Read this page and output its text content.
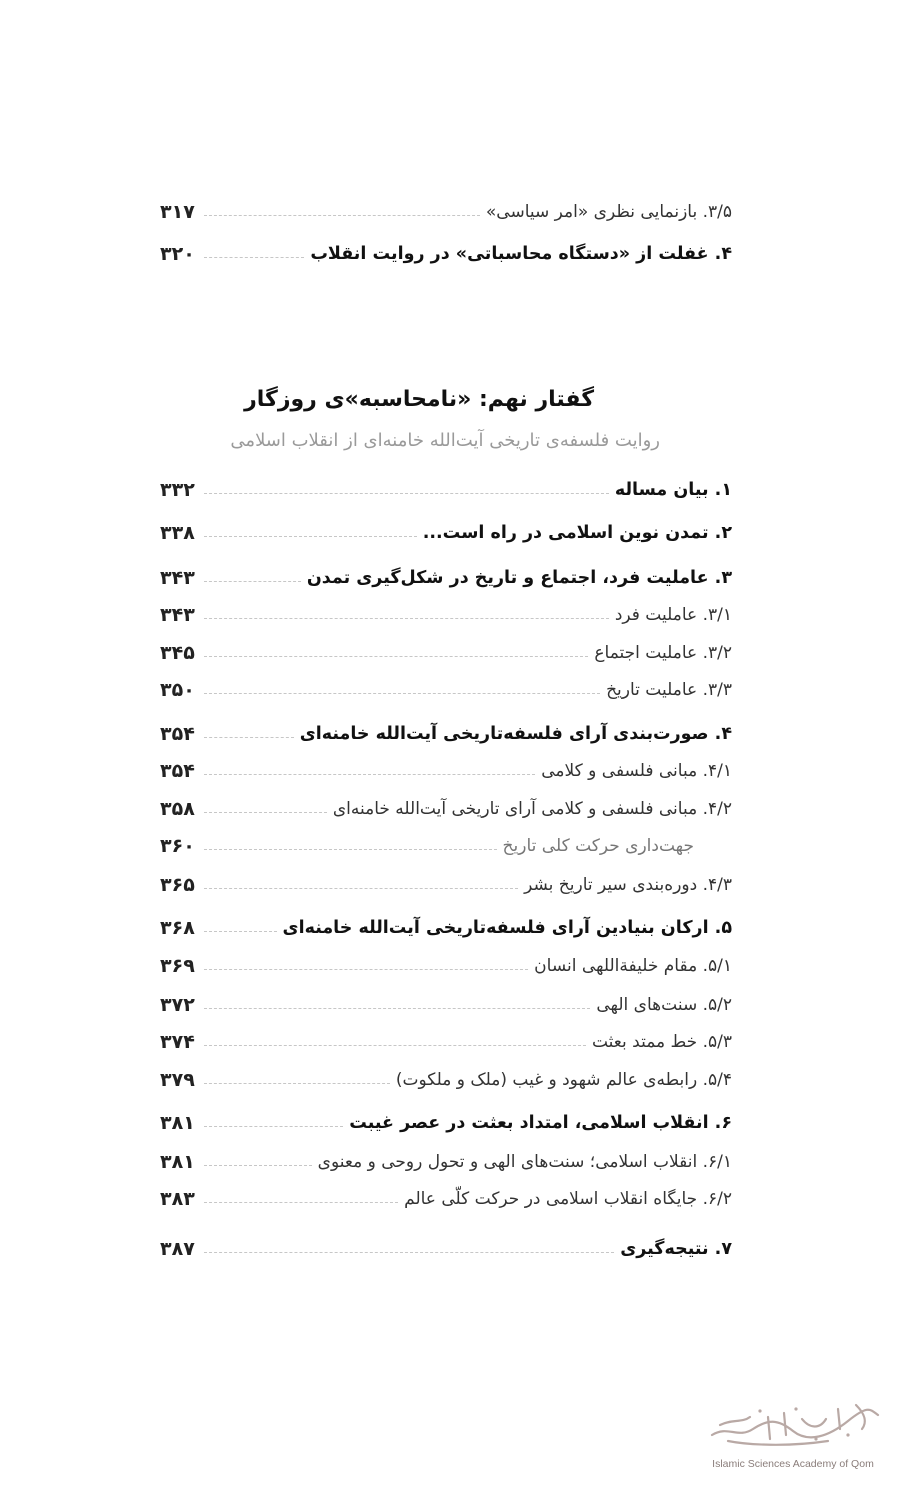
۳/۵. بازنمایی نظری «امر سیاسی»
۳۱۷
۴. غفلت از «دستگاه محاسباتی» در روایت انقلاب
۳۲۰
گفتار نهم: «نامحاسبه»ی روزگار
روایت فلسفه‌ی تاریخی آیت‌الله خامنه‌ای از انقلاب اسلامی
۱. بیان مساله
۳۳۲
۲. تمدن نوین اسلامی در راه است...
۳۳۸
۳. عاملیت فرد، اجتماع و تاریخ در شکل‌گیری تمدن
۳۴۳
۳/۱. عاملیت فرد
۳۴۳
۳/۲. عاملیت اجتماع
۳۴۵
۳/۳. عاملیت تاریخ
۳۵۰
۴. صورت‌بندی آرای فلسفه‌تاریخی آیت‌الله خامنه‌ای
۳۵۴
۴/۱. مبانی فلسفی و کلامی
۳۵۴
۴/۲. مبانی فلسفی و کلامی آرای تاریخی آیت‌الله خامنه‌ای
۳۵۸
جهت‌داری حرکت کلی تاریخ
۳۶۰
۴/۳. دوره‌بندی سیر تاریخ بشر
۳۶۵
۵. ارکان بنیادین آرای فلسفه‌تاریخی آیت‌الله خامنه‌ای
۳۶۸
۵/۱. مقام خلیفةاللهی انسان
۳۶۹
۵/۲. سنت‌های الهی
۳۷۲
۵/۳. خط ممتد بعثت
۳۷۴
۵/۴. رابطه‌ی عالم شهود و غیب (ملک و ملکوت)
۳۷۹
۶. انقلاب اسلامی، امتداد بعثت در عصر غیبت
۳۸۱
۶/۱. انقلاب اسلامی؛ سنت‌های الهی و تحول روحی و معنوی
۳۸۱
۶/۲. جایگاه انقلاب اسلامی در حرکت کلّی عالم
۳۸۳
۷. نتیجه‌گیری
۳۸۷
Islamic Sciences Academy of Qom
